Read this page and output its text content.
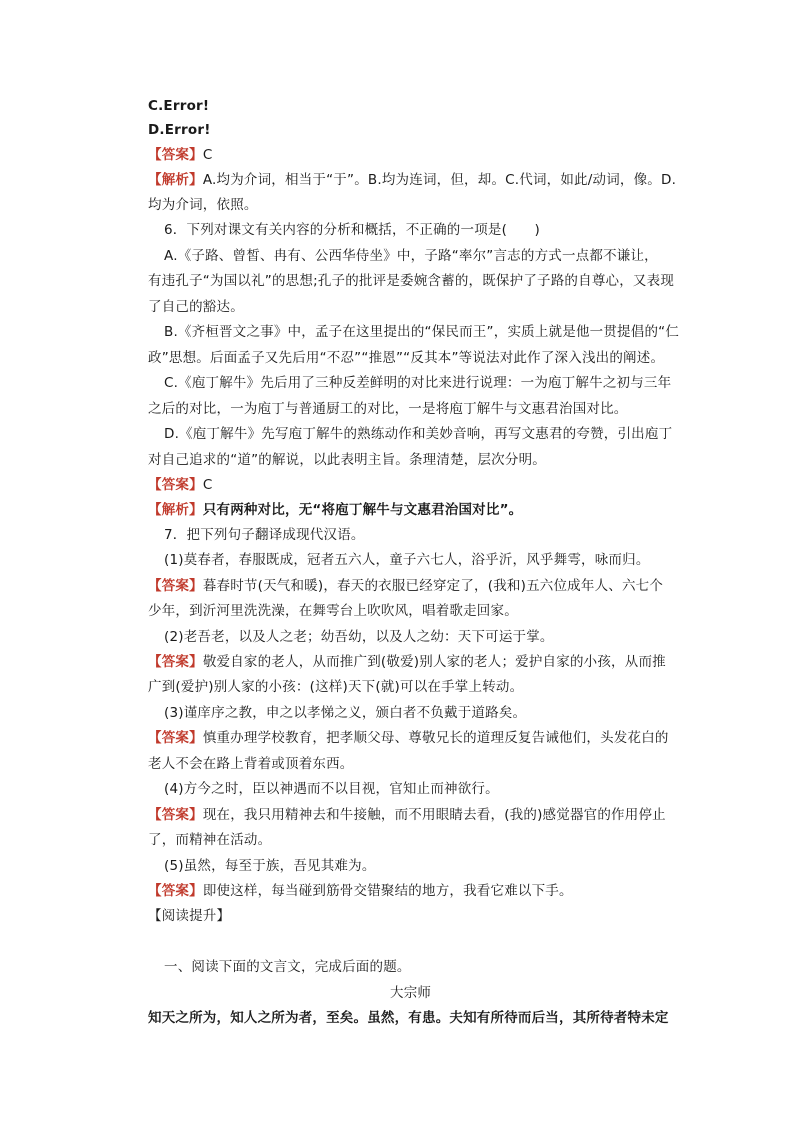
C.Error!
D.Error!
【答案】C
【解析】A.均为介词，相当于“于”。B.均为连词，但，却。C.代词，如此/动词，像。D.
均为介词，依照。
6．下列对课文有关内容的分析和概括，不正确的一项是(　　)
A.《子路、曾皙、冉有、公西华侍坐》中，子路“率尔”言志的方式一点都不谦让，
有违孔子“为国以礼”的思想;孔子的批评是委婉含蓄的，既保护了子路的自尊心，又表现
了自己的豁达。
B.《齐桓晋文之事》中，孟子在这里提出的“保民而王”，实质上就是他一贯提倡的“仁
政”思想。后面孟子又先后用“不忍”“推恩”“反其本”等说法对此作了深入浅出的阐述。
C.《庖丁解牛》先后用了三种反差鲜明的对比来进行说理：一为庖丁解牛之初与三年
之后的对比，一为庖丁与普通厨工的对比，一是将庖丁解牛与文惠君治国对比。
D.《庖丁解牛》先写庖丁解牛的熟练动作和美妙音响，再写文惠君的夸赞，引出庖丁
对自己追求的“道”的解说，以此表明主旨。条理清楚，层次分明。
【答案】C
【解析】只有两种对比，无“将庖丁解牛与文惠君治国对比”。
7．把下列句子翻译成现代汉语。
(1)莫春者，春服既成，冠者五六人，童子六七人，浴乎沂，风乎舞雩，咏而归。
【答案】暮春时节(天气和暖)，春天的衣服已经穿定了，(我和)五六位成年人、六七个
少年，到沂河里洗洗澡，在舞雩台上吹吹风，唱着歌走回家。
(2)老吾老，以及人之老；幼吾幼，以及人之幼：天下可运于掌。
【答案】敬爱自家的老人，从而推广到(敬爱)别人家的老人；爱护自家的小孩，从而推
广到(爱护)别人家的小孩：(这样)天下(就)可以在手掌上转动。
(3)谨庠序之教，申之以孝悌之义，颁白者不负戴于道路矣。
【答案】慎重办理学校教育，把孝顺父母、尊敬兄长的道理反复告诫他们，头发花白的
老人不会在路上背着或顶着东西。
(4)方今之时，臣以神遇而不以目视，官知止而神欲行。
【答案】现在，我只用精神去和牛接触，而不用眼睛去看，(我的)感觉器官的作用停止
了，而精神在活动。
(5)虽然，每至于族，吾见其难为。
【答案】即使这样，每当碰到筋骨交错聚结的地方，我看它难以下手。
【阅读提升】
一、阅读下面的文言文，完成后面的题。
大宗师
知天之所为，知人之所为者，至矣。虽然，有患。夫知有所待而后当，其所待者特未定
